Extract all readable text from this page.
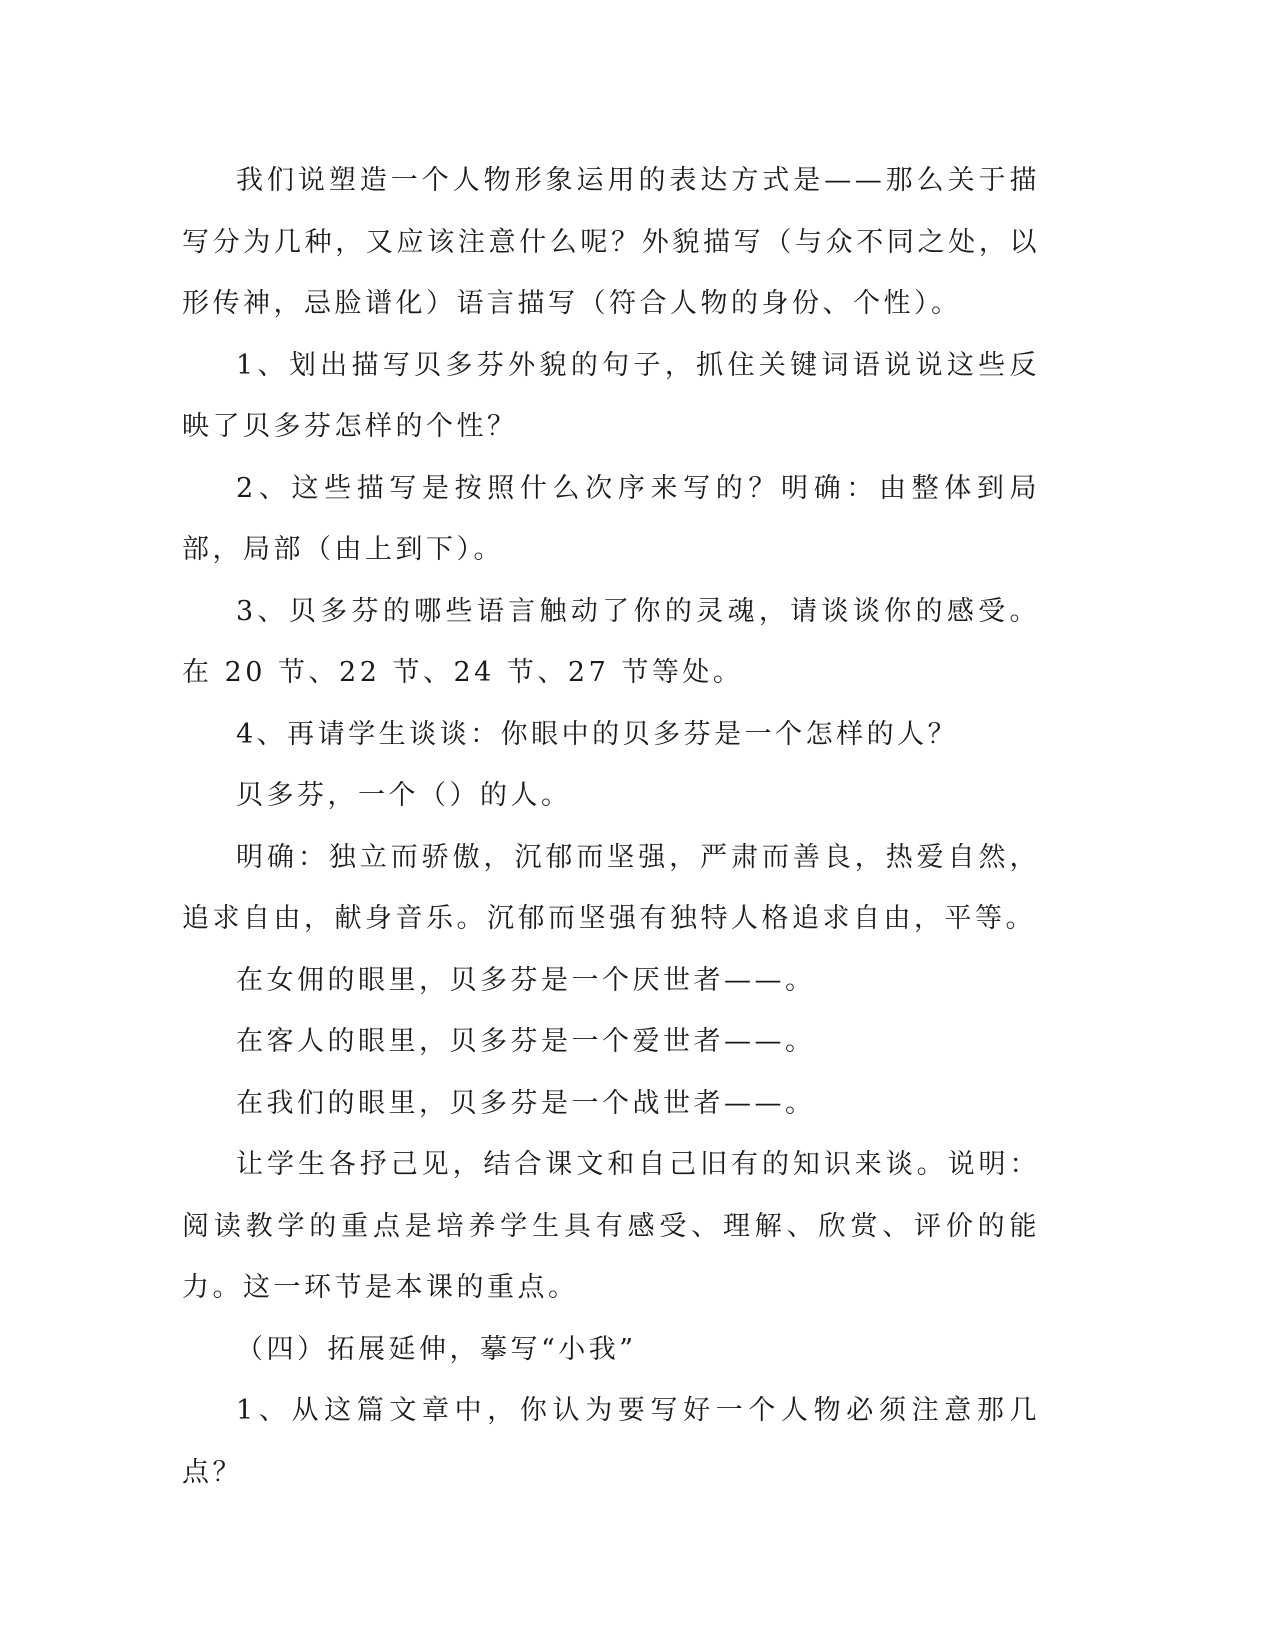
我们说塑造一个人物形象运用的表达方式是——那么关于描写分为几种，又应该注意什么呢？外貌描写（与众不同之处，以形传神，忌脸谱化）语言描写（符合人物的身份、个性）。

1、划出描写贝多芬外貌的句子，抓住关键词语说说这些反映了贝多芬怎样的个性？

2、这些描写是按照什么次序来写的？明确：由整体到局部，局部（由上到下）。

3、贝多芬的哪些语言触动了你的灵魂，请谈谈你的感受。在 20 节、22 节、24 节、27 节等处。

4、再请学生谈谈：你眼中的贝多芬是一个怎样的人？

贝多芬，一个（）的人。

明确：独立而骄傲，沉郁而坚强，严肃而善良，热爱自然，追求自由，献身音乐。沉郁而坚强有独特人格追求自由，平等。

在女佣的眼里，贝多芬是一个厌世者——。

在客人的眼里，贝多芬是一个爱世者——。

在我们的眼里，贝多芬是一个战世者——。

让学生各抒己见，结合课文和自己旧有的知识来谈。说明：阅读教学的重点是培养学生具有感受、理解、欣赏、评价的能力。这一环节是本课的重点。

（四）拓展延伸，摹写“小我”

1、从这篇文章中，你认为要写好一个人物必须注意那几点？
